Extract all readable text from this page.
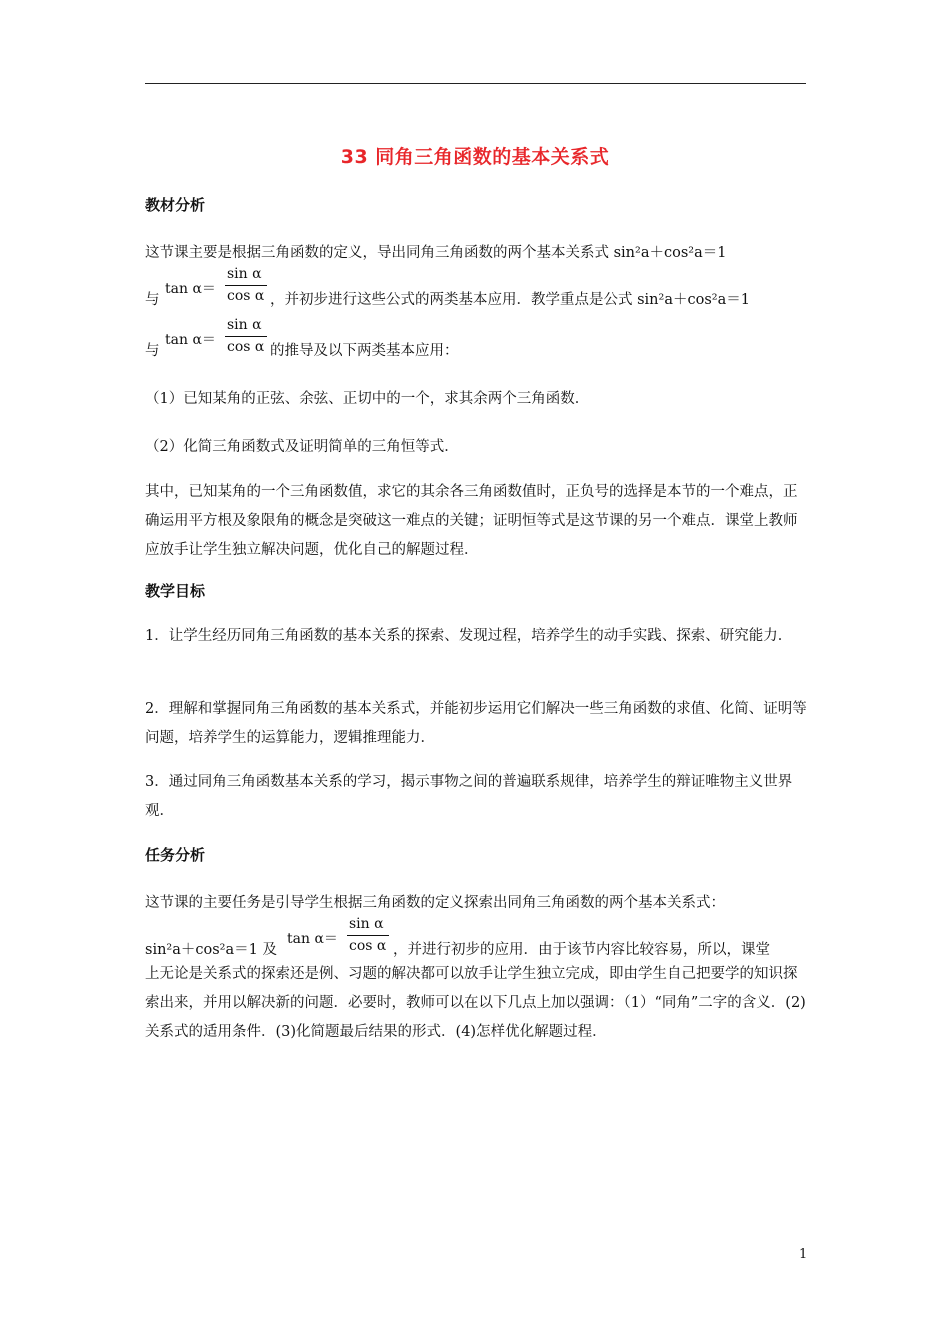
33 同角三角函数的基本关系式
教材分析
这节课主要是根据三角函数的定义，导出同角三角函数的两个基本关系式 sin²a＋cos²a＝1
与
tan α＝
sin α
cos α ，并初步进行这些公式的两类基本应用．教学重点是公式 sin²a＋cos²a＝1
与
tan α＝
sin α
cos α 的推导及以下两类基本应用：
（1）已知某角的正弦、余弦、正切中的一个，求其余两个三角函数．
（2）化简三角函数式及证明简单的三角恒等式．
其中，已知某角的一个三角函数值，求它的其余各三角函数值时，正负号的选择是本节的一个难点，正确运用平方根及象限角的概念是突破这一难点的关键；证明恒等式是这节课的另一个难点．课堂上教师应放手让学生独立解决问题，优化自己的解题过程．
教学目标
1．让学生经历同角三角函数的基本关系的探索、发现过程，培养学生的动手实践、探索、研究能力．
2．理解和掌握同角三角函数的基本关系式，并能初步运用它们解决一些三角函数的求值、化简、证明等问题，培养学生的运算能力，逻辑推理能力．
3．通过同角三角函数基本关系的学习，揭示事物之间的普遍联系规律，培养学生的辩证唯物主义世界观．
任务分析
这节课的主要任务是引导学生根据三角函数的定义探索出同角三角函数的两个基本关系式：
sin²a＋cos²a＝1 及
tan α＝
sin α
cos α ，并进行初步的应用．由于该节内容比较容易，所以，课堂
上无论是关系式的探索还是例、习题的解决都可以放手让学生独立完成，即由学生自己把要学的知识探索出来，并用以解决新的问题．必要时，教师可以在以下几点上加以强调：（1）“同角”二字的含义．(2)关系式的适用条件．(3)化简题最后结果的形式．(4)怎样优化解题过程．
1
